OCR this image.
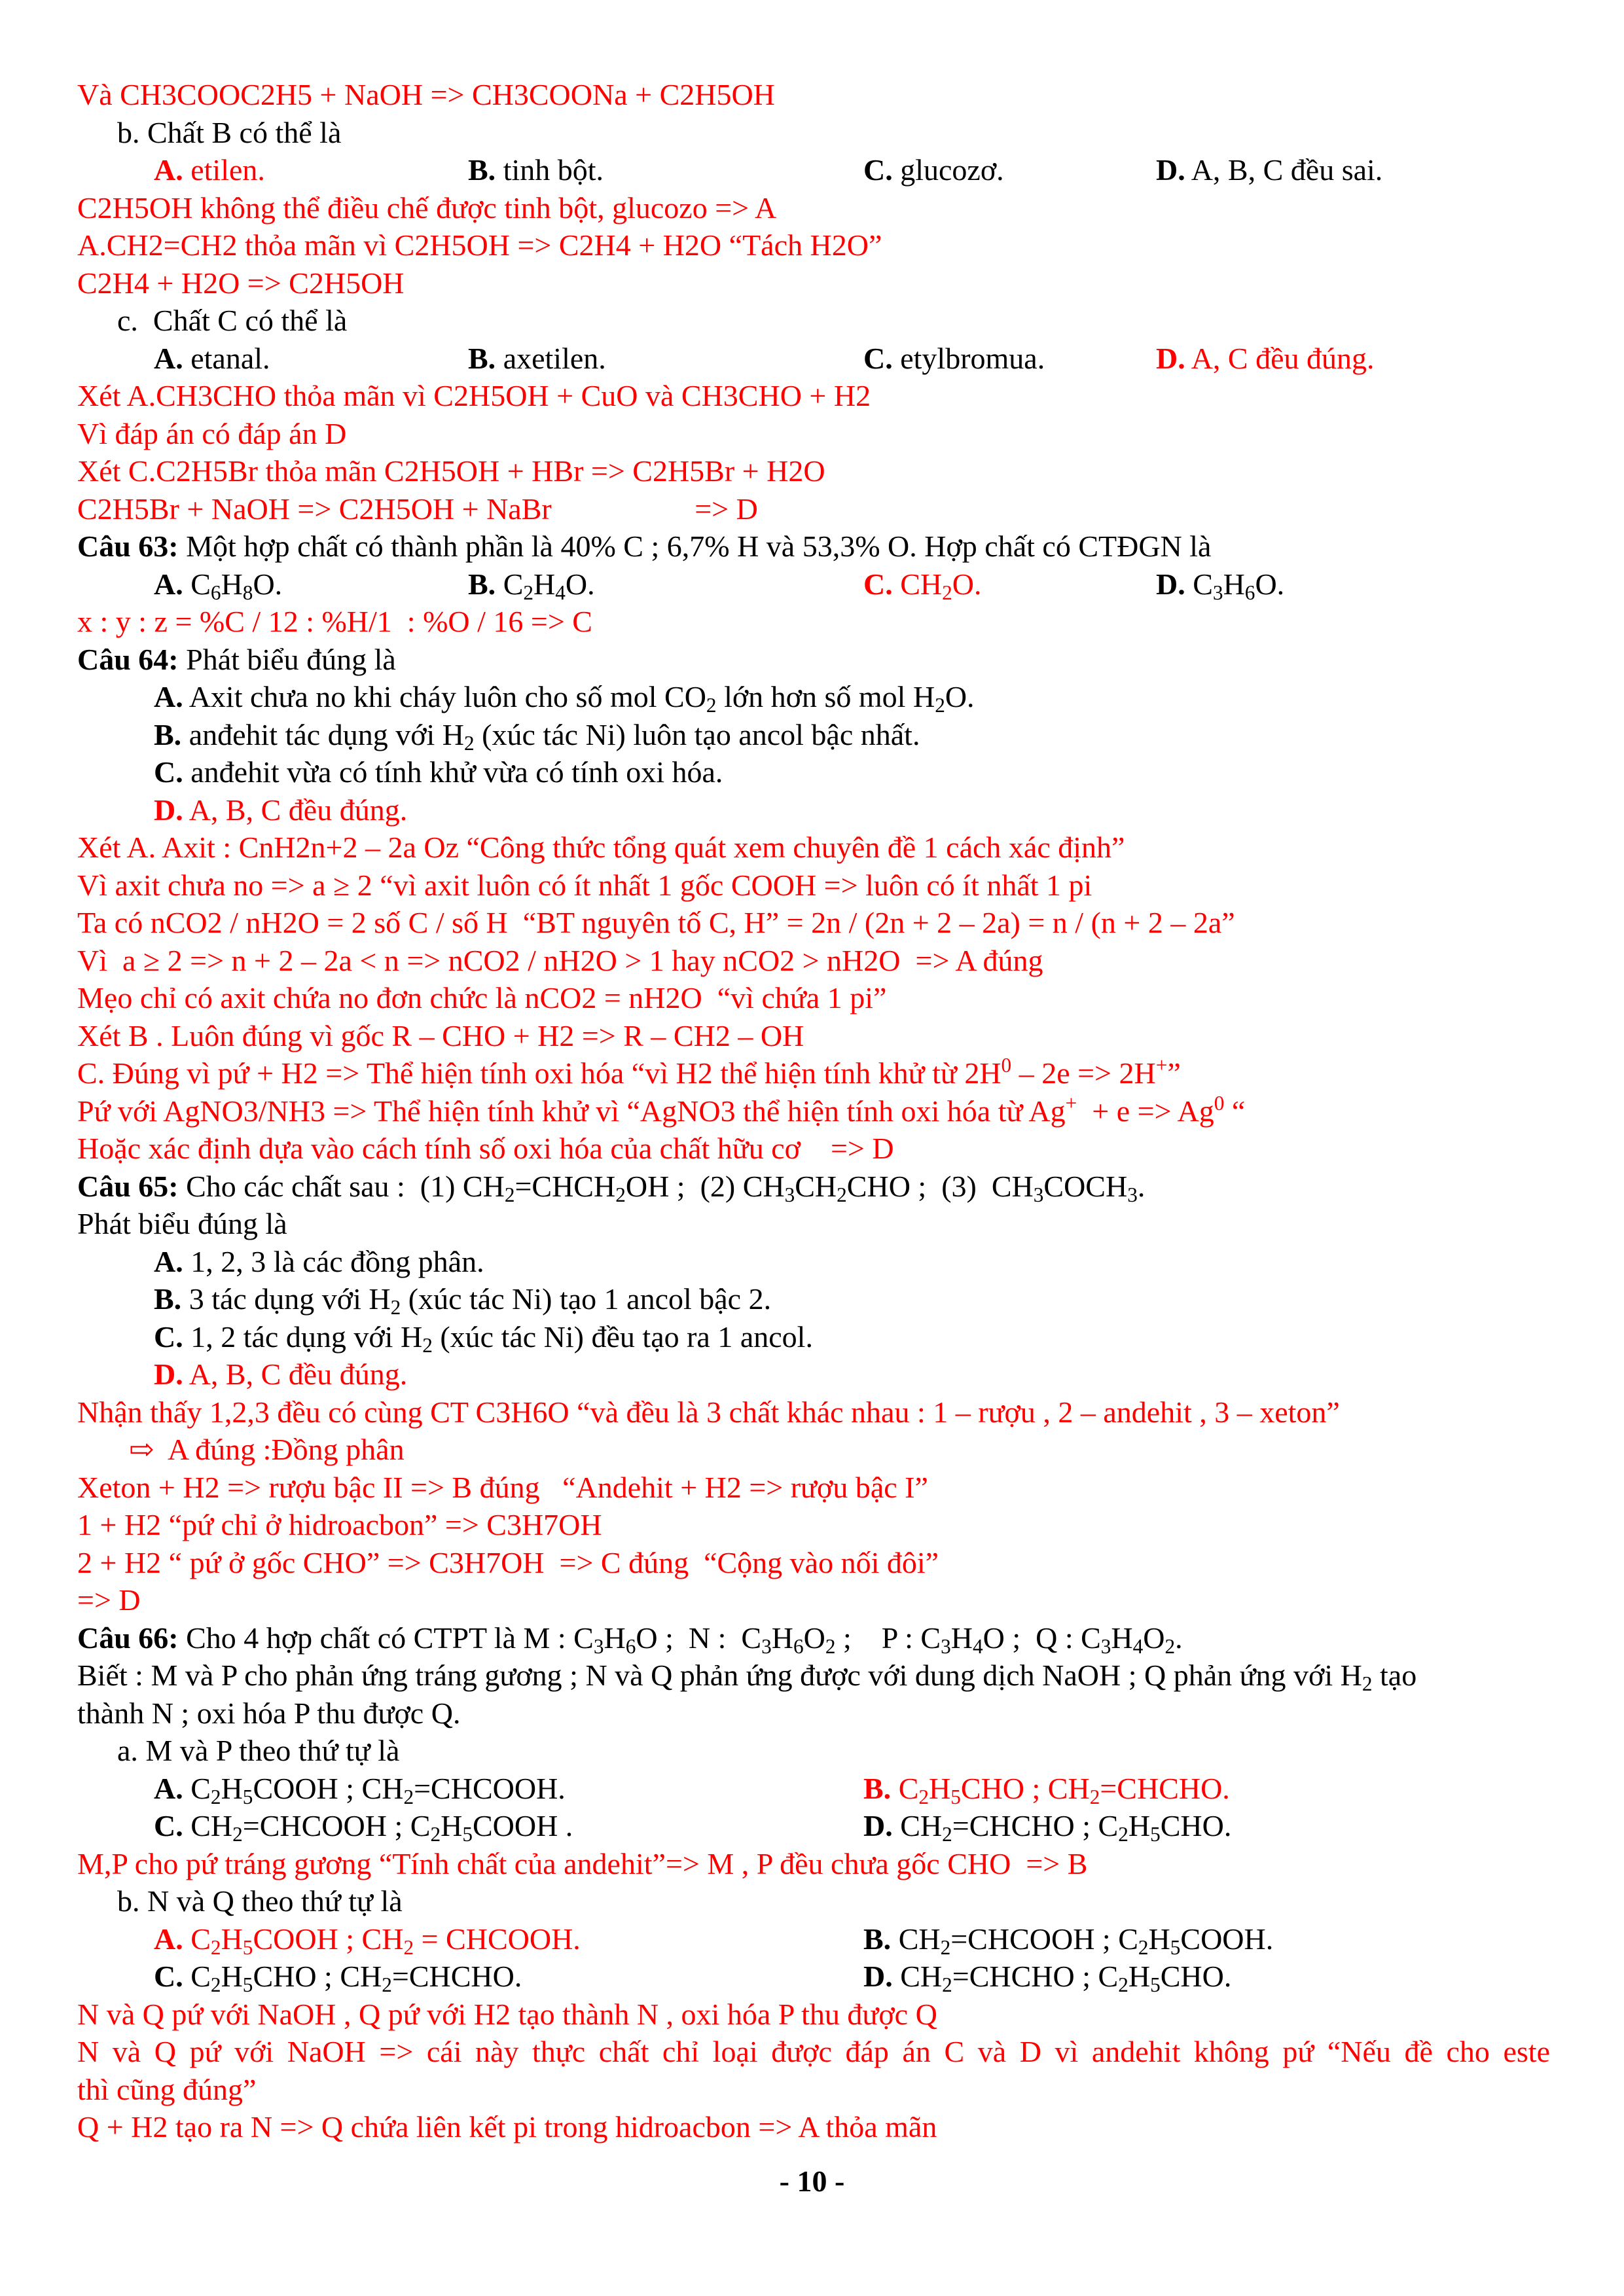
Và CH3COOC2H5 + NaOH => CH3COONa + C2H5OH
b. Chất B có thể là
A. etilen.	B. tinh bột.	C. glucozơ.	D. A, B, C đều sai.
C2H5OH không thể điều chế được tinh bột, glucozo => A
A.CH2=CH2 thỏa mãn vì C2H5OH => C2H4 + H2O “Tách H2O”
C2H4 + H2O => C2H5OH
c.  Chất C có thể là
A. etanal.	B. axetilen.	C. etylbromua.	D. A, C đều đúng.
Xét A.CH3CHO thỏa mãn vì C2H5OH + CuO và CH3CHO + H2
Vì đáp án có đáp án D
Xét C.C2H5Br thỏa mãn C2H5OH + HBr => C2H5Br + H2O
C2H5Br + NaOH => C2H5OH + NaBr                   => D
Câu 63: Một hợp chất có thành phần là 40% C ; 6,7% H và 53,3% O. Hợp chất có CTĐGN là
A. $C_6H_8O$.	B. $C_2H_4O$.	C. $CH_2O$.	D. $C_3H_6O$.
x : y : z = %C / 12 : %H/1  : %O / 16 => C
Câu 64: Phát biểu đúng là
A. Axit chưa no khi cháy luôn cho số mol $CO_2$ lớn hơn số mol $H_2O$.
B. anđehit tác dụng với $H_2$ (xúc tác Ni) luôn tạo ancol bậc nhất.
C. anđehit vừa có tính khử vừa có tính oxi hóa.
D. A, B, C đều đúng.
Xét A. Axit : CnH2n+2 – 2a Oz “Công thức tổng quát xem chuyên đề 1 cách xác định”
Vì axit chưa no => a ≥ 2 “vì axit luôn có ít nhất 1 gốc COOH => luôn có ít nhất 1 pi
Ta có nCO2 / nH2O = 2 số C / số H  “BT nguyên tố C, H” = 2n / (2n + 2 – 2a) = n / (n + 2 – 2a”
Vì  a ≥ 2 => n + 2 – 2a < n => nCO2 / nH2O > 1 hay nCO2 > nH2O  => A đúng
Mẹo chỉ có axit chứa no đơn chức là nCO2 = nH2O  “vì chứa 1 pi”
Xét B . Luôn đúng vì gốc R – CHO + H2 => R – CH2 – OH
C. Đúng vì pứ + H2 => Thể hiện tính oxi hóa “vì H2 thể hiện tính khử từ $2H^0 - 2e => 2H^+$”
Pứ với AgNO3/NH3 => Thể hiện tính khử vì “AgNO3 thể hiện tính oxi hóa từ $Ag^+ + e => Ag^0$ “
Hoặc xác định dựa vào cách tính số oxi hóa của chất hữu cơ    => D
Câu 65: Cho các chất sau :  (1) $CH_2=CHCH_2OH$ ;  (2) $CH_3CH_2CHO$ ;  (3)  $CH_3COCH_3$.
Phát biểu đúng là
A. 1, 2, 3 là các đồng phân.
B. 3 tác dụng với $H_2$ (xúc tác Ni) tạo 1 ancol bậc 2.
C. 1, 2 tác dụng với $H_2$ (xúc tác Ni) đều tạo ra 1 ancol.
D. A, B, C đều đúng.
Nhận thấy 1,2,3 đều có cùng CT C3H6O “và đều là 3 chất khác nhau : 1 – rượu , 2 – andehit , 3 – xeton”
⇨  A đúng :Đồng phân
Xeton + H2 => rượu bậc II => B đúng   “Andehit + H2 => rượu bậc I”
1 + H2 “pứ chỉ ở hidroacbon” => C3H7OH
2 + H2 “ pứ ở gốc CHO” => C3H7OH  => C đúng  “Cộng vào nối đôi”
=> D
Câu 66: Cho 4 hợp chất có CTPT là M : $C_3H_6O$ ;  N :  $C_3H_6O_2$ ;    P : $C_3H_4O$ ;  Q : $C_3H_4O_2$.
Biết : M và P cho phản ứng tráng gương ; N và Q phản ứng được với dung dịch NaOH ; Q phản ứng với $H_2$ tạo
thành N ; oxi hóa P thu được Q.
a. M và P theo thứ tự là
A. $C_2H_5COOH$ ; $CH_2=CHCOOH$.	B. $C_2H_5CHO$ ; $CH_2=CHCHO$.
C. $CH_2=CHCOOH$ ; $C_2H_5COOH$ .	D. $CH_2=CHCHO$ ; $C_2H_5CHO$.
M,P cho pứ tráng gương “Tính chất của andehit”=> M , P đều chưa gốc CHO  => B
b. N và Q theo thứ tự là
A. $C_2H_5COOH$ ; $CH_2$ = CHCOOH.	B. $CH_2=CHCOOH$ ; $C_2H_5COOH$.
C. $C_2H_5CHO$ ; $CH_2=CHCHO$.	D. $CH_2=CHCHO$ ; $C_2H_5CHO$.
N và Q pứ với NaOH , Q pứ với H2 tạo thành N , oxi hóa P thu được Q
N và Q pứ với NaOH => cái này thực chất chỉ loại được đáp án C và D vì andehit không pứ “Nếu đề cho este
thì cũng đúng”
Q + H2 tạo ra N => Q chứa liên kết pi trong hidroacbon => A thỏa mãn
- 10 -
